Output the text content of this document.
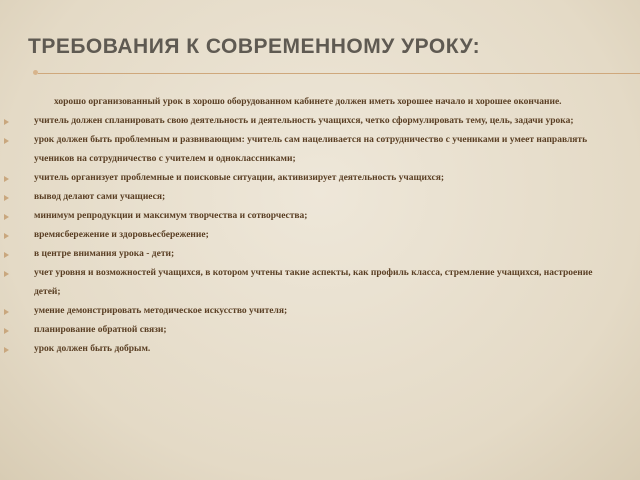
ТРЕБОВАНИЯ К СОВРЕМЕННОМУ УРОКУ:
хорошо организованный урок в хорошо оборудованном кабинете должен иметь хорошее начало и хорошее окончание.
учитель должен спланировать свою деятельность и деятельность учащихся, четко сформулировать тему, цель, задачи урока;
урок должен быть проблемным и развивающим: учитель сам нацеливается на сотрудничество с учениками и умеет направлять учеников на сотрудничество с учителем и одноклассниками;
учитель организует проблемные и поисковые ситуации, активизирует деятельность учащихся;
вывод делают сами учащиеся;
минимум репродукции и максимум творчества и сотворчества;
времясбережение и здоровьесбережение;
в центре внимания урока - дети;
учет уровня и возможностей учащихся, в котором учтены такие аспекты, как профиль класса, стремление учащихся, настроение детей;
умение демонстрировать методическое искусство учителя;
планирование обратной связи;
урок должен быть добрым.
